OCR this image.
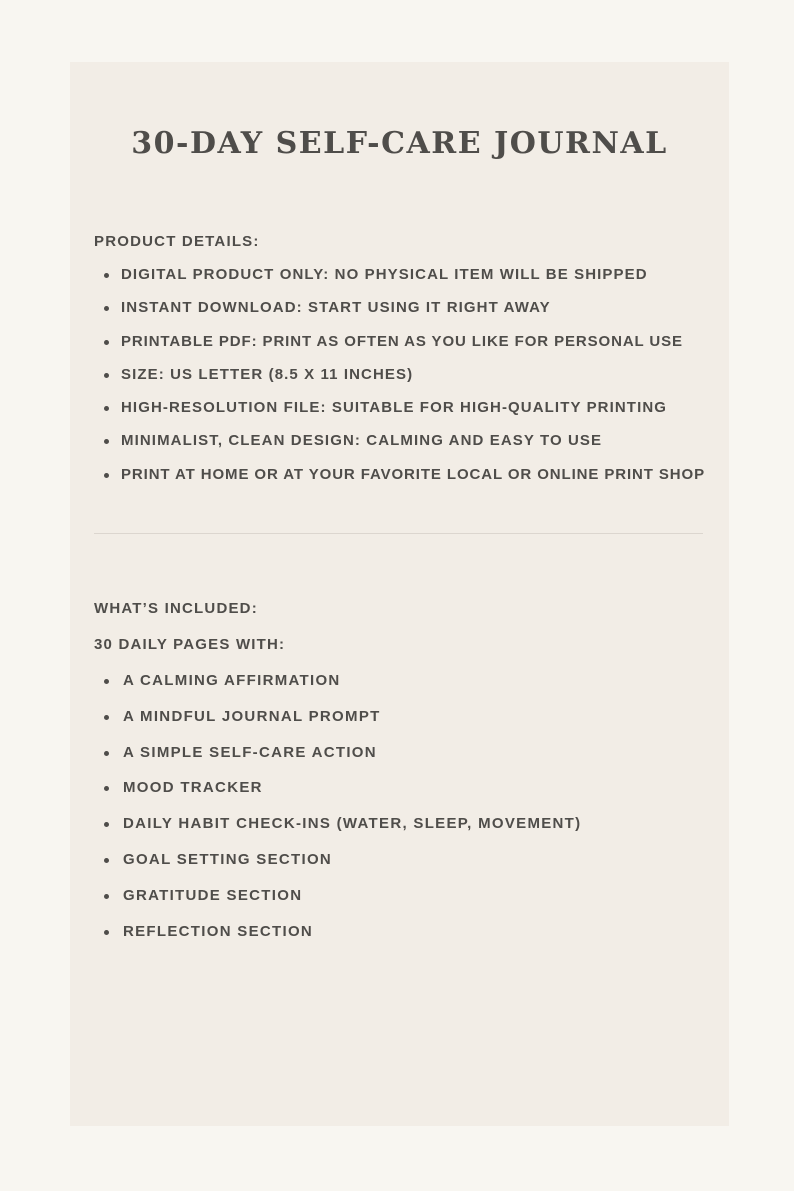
30-DAY SELF-CARE JOURNAL

PRODUCT DETAILS:

DIGITAL PRODUCT ONLY: NO PHYSICAL ITEM WILL BE SHIPPED
INSTANT DOWNLOAD: START USING IT RIGHT AWAY
PRINTABLE PDF: PRINT AS OFTEN AS YOU LIKE FOR PERSONAL USE
SIZE: US LETTER (8.5 X 11 INCHES)
HIGH-RESOLUTION FILE: SUITABLE FOR HIGH-QUALITY PRINTING
MINIMALIST, CLEAN DESIGN: CALMING AND EASY TO USE
PRINT AT HOME OR AT YOUR FAVORITE LOCAL OR ONLINE PRINT SHOP

WHAT’S INCLUDED:

30 DAILY PAGES WITH:

A CALMING AFFIRMATION
A MINDFUL JOURNAL PROMPT
A SIMPLE SELF-CARE ACTION
MOOD TRACKER
DAILY HABIT CHECK-INS (WATER, SLEEP, MOVEMENT)
GOAL SETTING SECTION
GRATITUDE SECTION
REFLECTION SECTION
